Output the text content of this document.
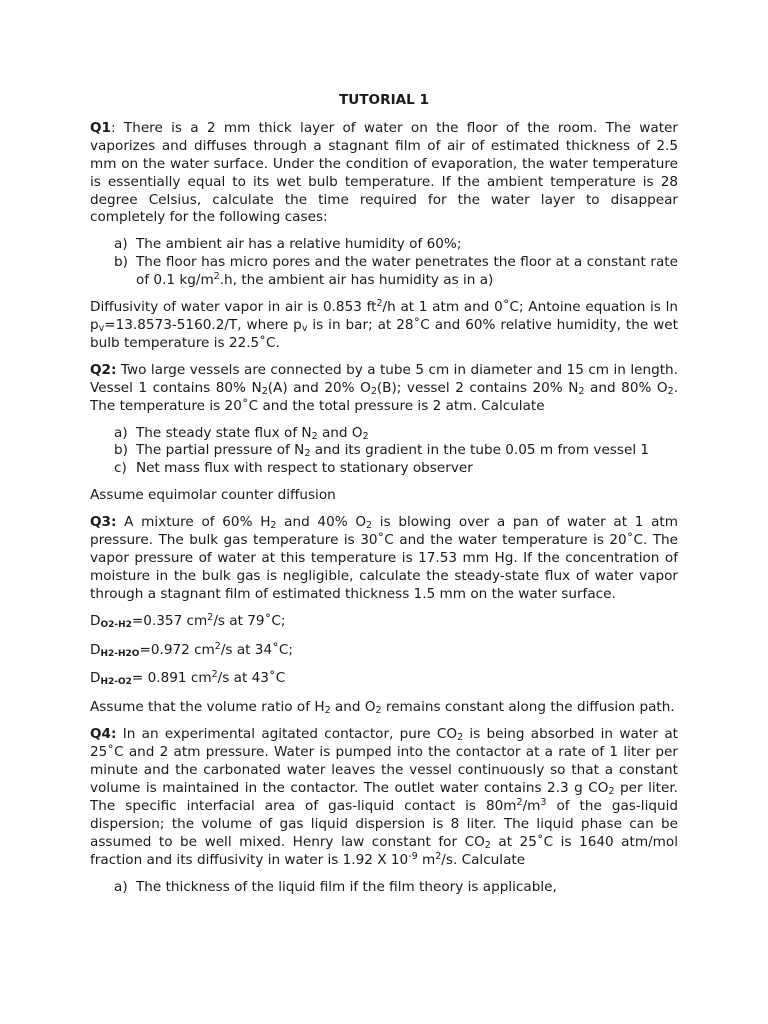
TUTORIAL 1

Q1: There is a 2 mm thick layer of water on the floor of the room. The water vaporizes and diffuses through a stagnant film of air of estimated thickness of 2.5 mm on the water surface. Under the condition of evaporation, the water temperature is essentially equal to its wet bulb temperature. If the ambient temperature is 28 degree Celsius, calculate the time required for the water layer to disappear completely for the following cases:

a) The ambient air has a relative humidity of 60%;
b) The floor has micro pores and the water penetrates the floor at a constant rate of 0.1 $kg/m^2.h$, the ambient air has humidity as in a)

Diffusivity of water vapor in air is 0.853 $ft^2/h$ at 1 atm and 0˚C; Antoine equation is $\ln p_v=13.8573-5160.2/T$, where $p_v$ is in bar; at 28˚C and 60% relative humidity, the wet bulb temperature is 22.5˚C.

Q2: Two large vessels are connected by a tube 5 cm in diameter and 15 cm in length. Vessel 1 contains 80% $N_2(A)$ and 20% $O_2(B)$; vessel 2 contains 20% $N_2$ and 80% $O_2$. The temperature is 20˚C and the total pressure is 2 atm. Calculate

a) The steady state flux of $N_2$ and $O_2$
b) The partial pressure of $N_2$ and its gradient in the tube 0.05 m from vessel 1
c) Net mass flux with respect to stationary observer

Assume equimolar counter diffusion

Q3: A mixture of 60% $H_2$ and 40% $O_2$ is blowing over a pan of water at 1 atm pressure. The bulk gas temperature is 30˚C and the water temperature is 20˚C. The vapor pressure of water at this temperature is 17.53 mm Hg. If the concentration of moisture in the bulk gas is negligible, calculate the steady-state flux of water vapor through a stagnant film of estimated thickness 1.5 mm on the water surface.

DO2-H2=0.357 $cm^2/s$ at 79˚C;
DH2-H2O=0.972 $cm^2/s$ at 34˚C;
DH2-O2= 0.891 $cm^2/s$ at 43˚C

Assume that the volume ratio of $H_2$ and $O_2$ remains constant along the diffusion path.

Q4: In an experimental agitated contactor, pure $CO_2$ is being absorbed in water at 25˚C and 2 atm pressure. Water is pumped into the contactor at a rate of 1 liter per minute and the carbonated water leaves the vessel continuously so that a constant volume is maintained in the contactor. The outlet water contains 2.3 g $CO_2$ per liter. The specific interfacial area of gas-liquid contact is $80m^2/m^3$ of the gas-liquid dispersion; the volume of gas liquid dispersion is 8 liter. The liquid phase can be assumed to be well mixed. Henry law constant for $CO_2$ at 25˚C is 1640 atm/mol fraction and its diffusivity in water is 1.92 X $10^{-9}$ $m^2/s$. Calculate

a) The thickness of the liquid film if the film theory is applicable,
